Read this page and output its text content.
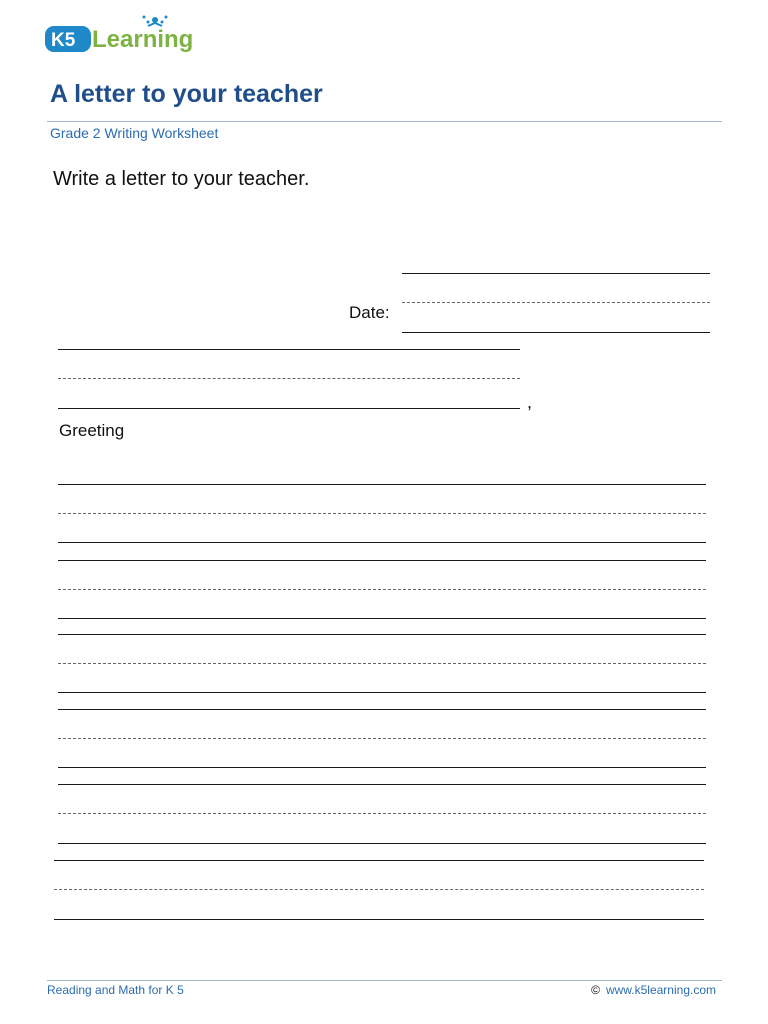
K5 Learning
A letter to your teacher
Grade 2 Writing Worksheet
Write a letter to your teacher.
Date:
,
Greeting
Reading and Math for K 5	© www.k5learning.com
